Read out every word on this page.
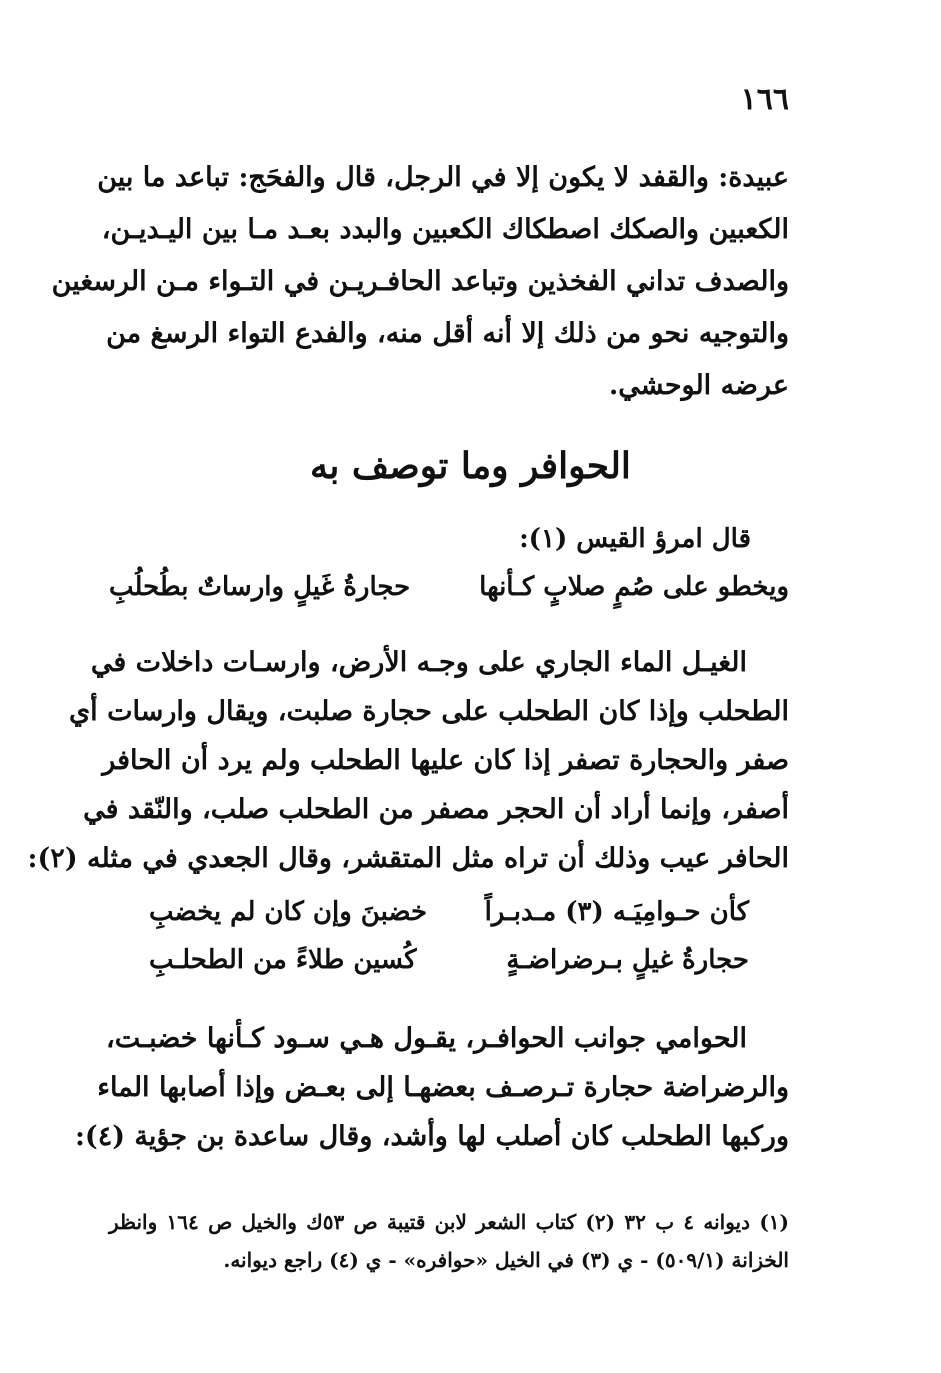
١٦٦
عبيدة: والقفد لا يكون إلا في الرجل، قال والفحَج: تباعد ما بين
الكعبين والصكك اصطكاك الكعبين والبدد بعـد مـا بين اليـديـن،
والصدف تداني الفخذين وتباعد الحافـريـن في التـواء مـن الرسغين
والتوجيه نحو من ذلك إلا أنه أقل منه، والفدع التواء الرسغ من
عرضه الوحشي.
الحوافر وما توصف به
قال امرؤ القيس (١):
ويخطو على صُمٍ صلابٍ كـأنها
حجارةُ غَيلٍ وارساتٌ بطُحلُبِ
الغيـل الماء الجاري على وجـه الأرض، وارسـات داخلات في
الطحلب وإذا كان الطحلب على حجارة صلبت، ويقال وارسات أي
صفر والحجارة تصفر إذا كان عليها الطحلب ولم يرد أن الحافر
أصفر، وإنما أراد أن الحجر مصفر من الطحلب صلب، والنّقد في
الحافر عيب وذلك أن تراه مثل المتقشر، وقال الجعدي في مثله (٢):
كأن حـوامِيَـه (٣) مـدبـراً
خضبنَ وإن كان لم يخضبِ
حجارةُ غيلٍ بـرضراضـةٍ
كُسين طلاءً من الطحلـبِ
الحوامي جوانب الحوافـر، يقـول هـي سـود كـأنها خضبـت،
والرضراضة حجارة تـرصـف بعضهـا إلى بعـض وإذا أصابها الماء
وركبها الطحلب كان أصلب لها وأشد، وقال ساعدة بن جؤية (٤):
(١) ديوانه ٤ ب ٣٢ (٢) كتاب الشعر لابن قتيبة ص ٥٣ك والخيل ص ١٦٤ وانظر
الخزانة (٥٠٩/١) - ي (٣) في الخيل «حوافره» - ي (٤) راجع ديوانه.
